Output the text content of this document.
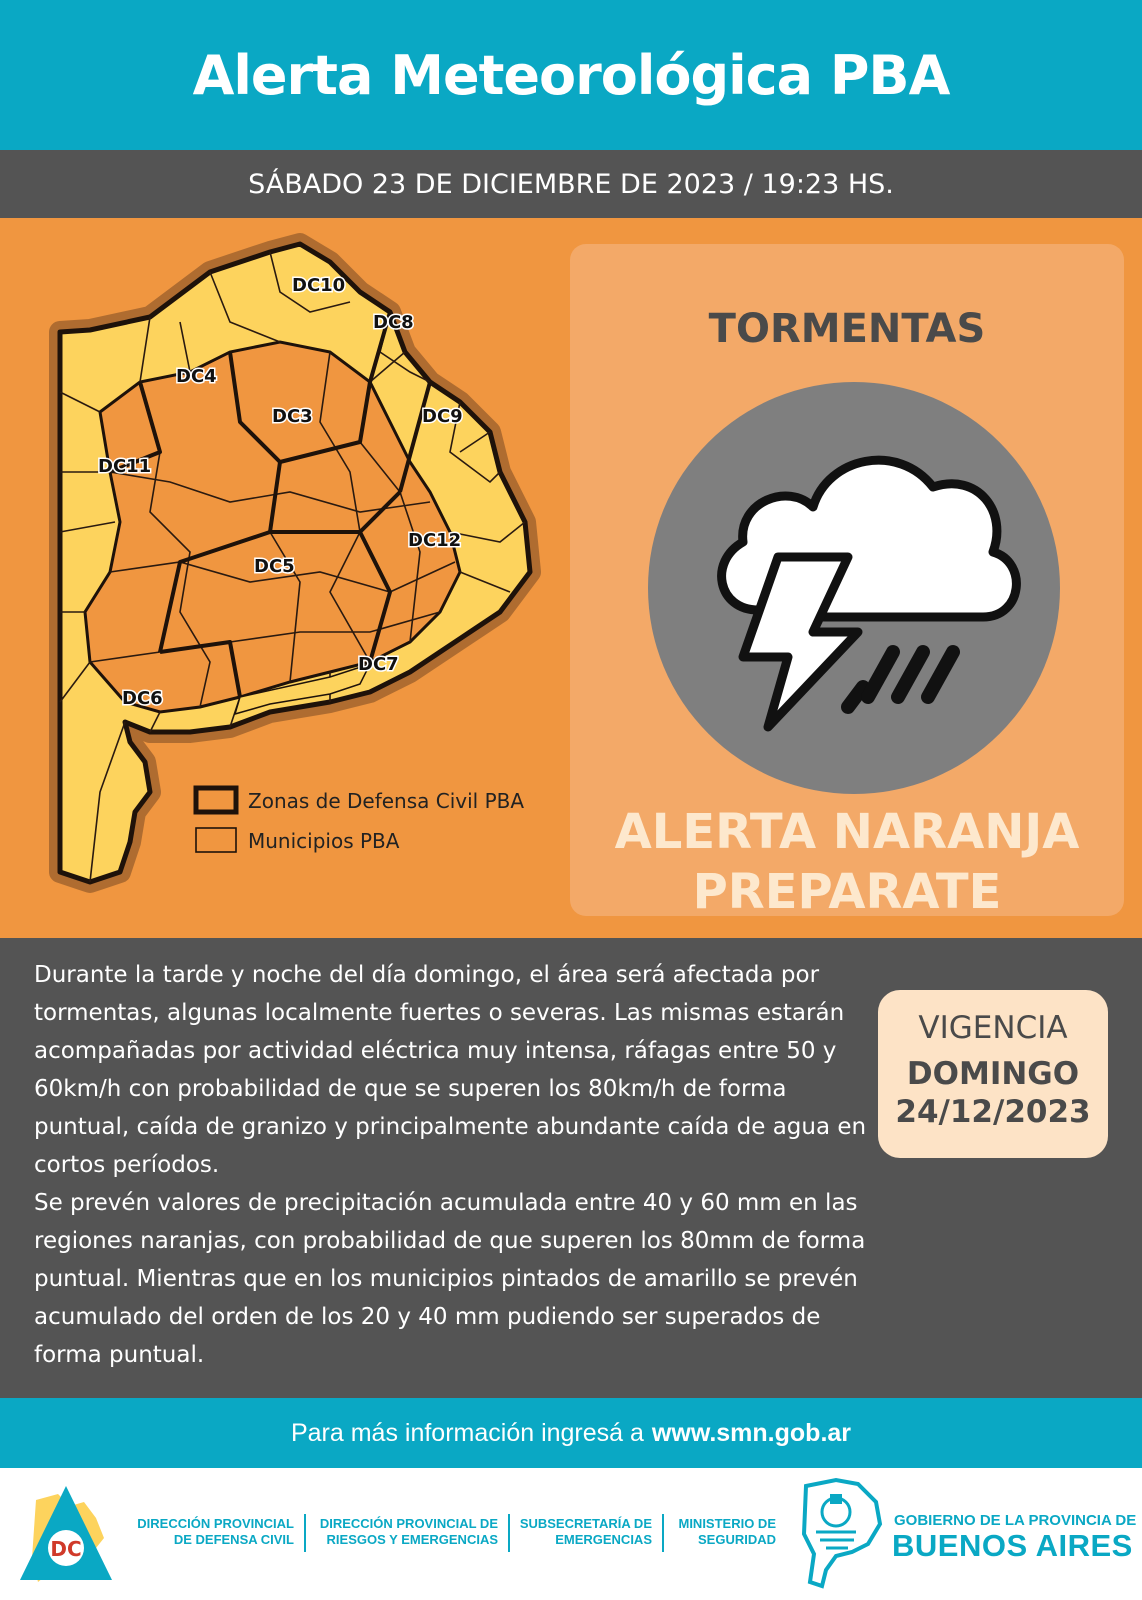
Alerta Meteorológica PBA
SÁBADO 23 DE DICIEMBRE DE 2023 / 19:23 HS.
DC10
DC8
DC4
DC3	DC9
DC11
DC12
DC5
DC7
DC6
Zonas de Defensa Civil PBA
Municipios PBA
TORMENTAS
ALERTA NARANJA
PREPARATE

Durante la tarde y noche del día domingo, el área será afectada por tormentas, algunas localmente fuertes o severas. Las mismas estarán acompañadas por actividad eléctrica muy intensa, ráfagas entre 50 y 60km/h con probabilidad de que se superen los 80km/h de forma puntual, caída de granizo y principalmente abundante caída de agua en cortos períodos.

Se prevén valores de precipitación acumulada entre 40 y 60 mm en las regiones naranjas, con probabilidad de que superen los 80mm de forma puntual. Mientras que en los municipios pintados de amarillo se prevén acumulado del orden de los 20 y 40 mm pudiendo ser superados de forma puntual.

VIGENCIA
DOMINGO
24/12/2023
Para más información ingresá a www.smn.gob.ar
DC
DIRECCIÓN PROVINCIAL
DE DEFENSA CIVIL
DIRECCIÓN PROVINCIAL DE
RIESGOS Y EMERGENCIAS
SUBSECRETARÍA DE
EMERGENCIAS
MINISTERIO DE
SEGURIDAD
GOBIERNO DE LA PROVINCIA DE
BUENOS AIRES
